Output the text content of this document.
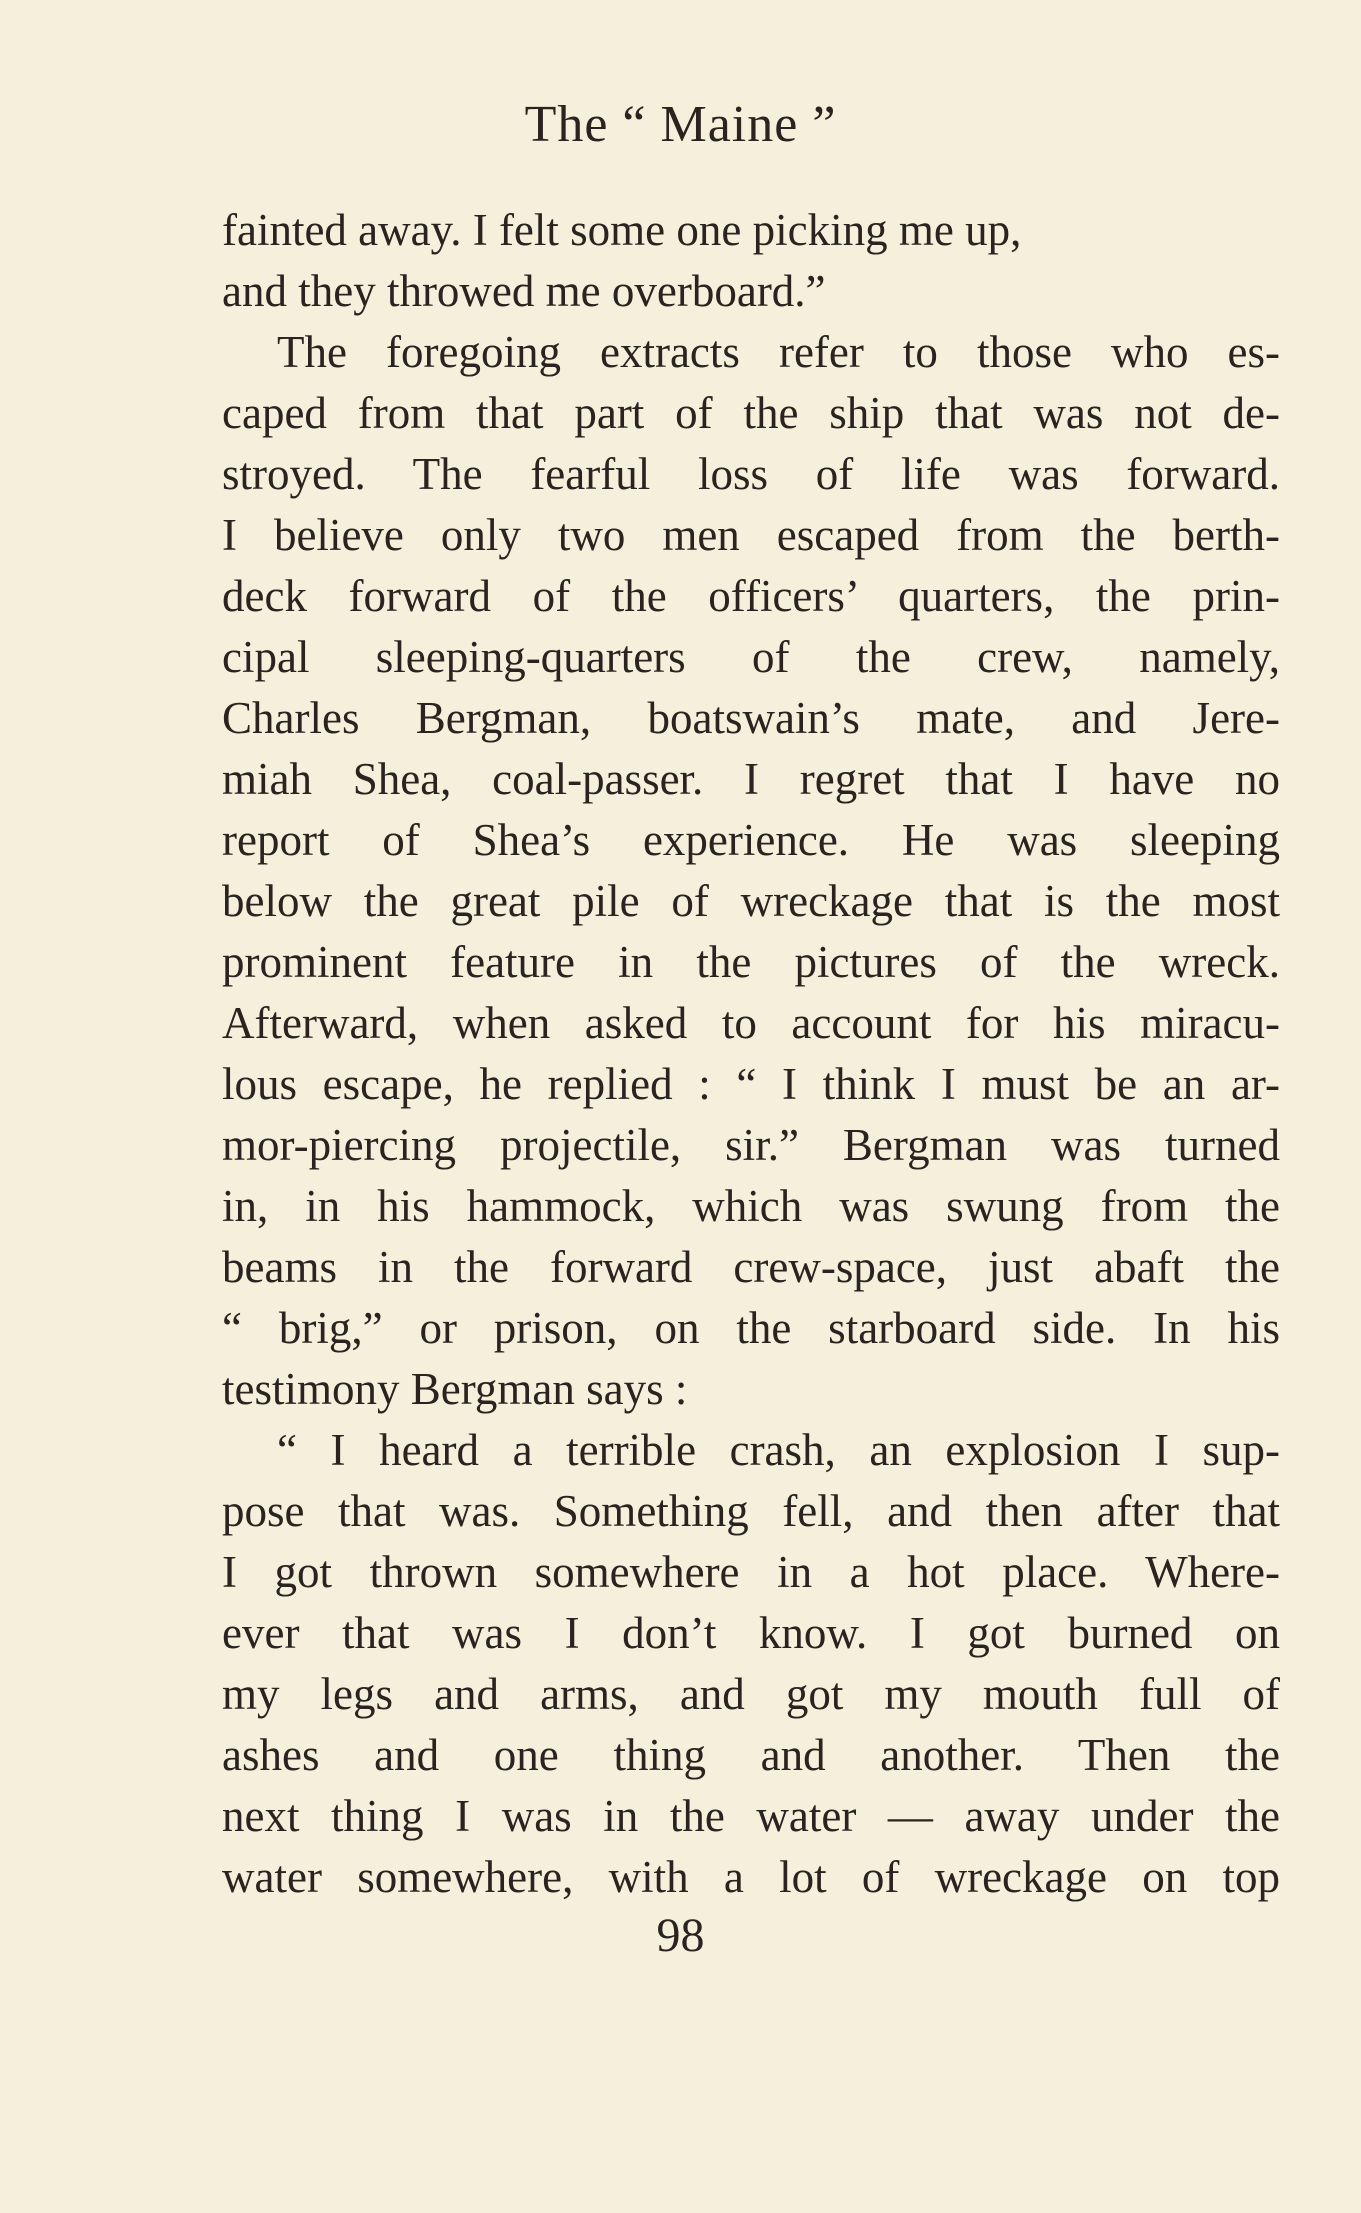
The “ Maine ”
fainted away. I felt some one picking me up,
and they throwed me overboard.”
The foregoing extracts refer to those who es-
caped from that part of the ship that was not de-
stroyed. The fearful loss of life was forward.
I believe only two men escaped from the berth-
deck forward of the officers’ quarters, the prin-
cipal sleeping-quarters of the crew, namely,
Charles Bergman, boatswain’s mate, and Jere-
miah Shea, coal-passer. I regret that I have no
report of Shea’s experience. He was sleeping
below the great pile of wreckage that is the most
prominent feature in the pictures of the wreck.
Afterward, when asked to account for his miracu-
lous escape, he replied : “ I think I must be an ar-
mor-piercing projectile, sir.” Bergman was turned
in, in his hammock, which was swung from the
beams in the forward crew-space, just abaft the
“ brig,” or prison, on the starboard side. In his
testimony Bergman says :
“ I heard a terrible crash, an explosion I sup-
pose that was. Something fell, and then after that
I got thrown somewhere in a hot place. Where-
ever that was I don’t know. I got burned on
my legs and arms, and got my mouth full of
ashes and one thing and another. Then the
next thing I was in the water — away under the
water somewhere, with a lot of wreckage on top
98
